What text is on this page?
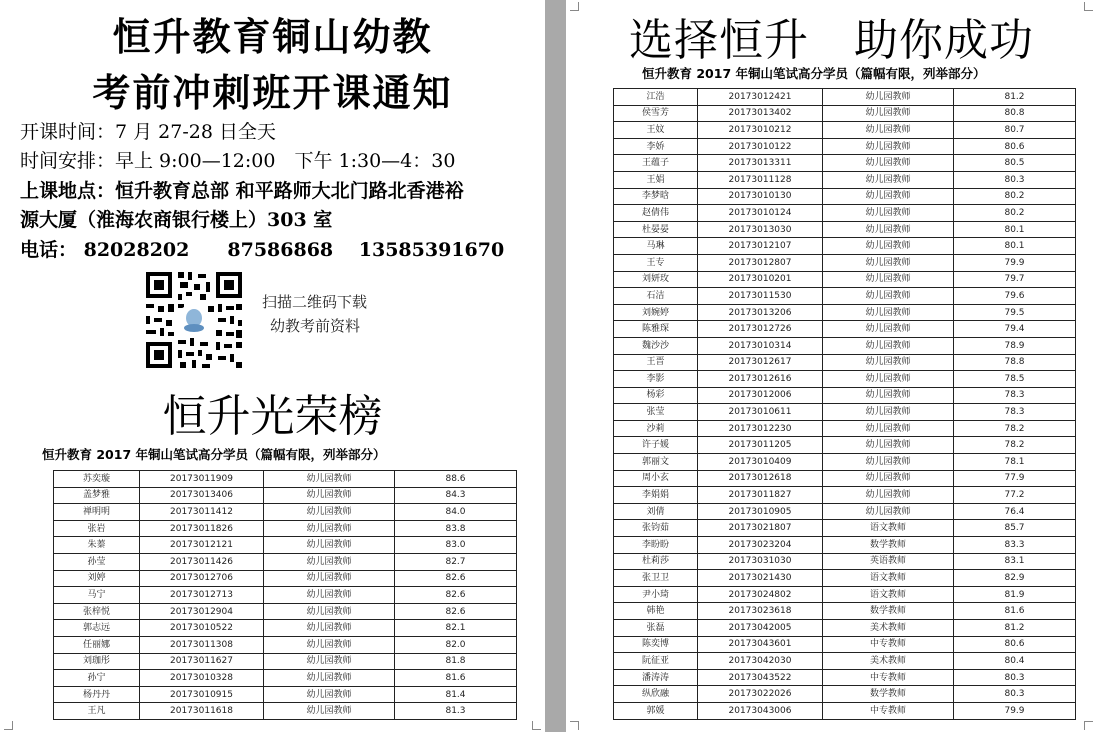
恒升教育铜山幼教
考前冲刺班开课通知
开课时间：7 月 27-28 日全天
时间安排：早上 9:00—12:00　下午 1:30—4：30
上课地点：恒升教育总部 和平路师大北门路北香港裕
源大厦（淮海农商银行楼上）303 室
电话： 82028202　　87586868　 13585391670
扫描二维码下载
幼教考前资料
恒升光荣榜
恒升教育 2017 年铜山笔试高分学员（篇幅有限，列举部分）
苏奕璇	20173011909	幼儿园教师	88.6
盖梦雅	20173013406	幼儿园教师	84.3
禅明明	20173011412	幼儿园教师	84.0
张岩	20173011826	幼儿园教师	83.8
朱蓁	20173012121	幼儿园教师	83.0
孙莹	20173011426	幼儿园教师	82.7
刘婷	20173012706	幼儿园教师	82.6
马宁	20173012713	幼儿园教师	82.6
张梓悦	20173012904	幼儿园教师	82.6
郭志远	20173010522	幼儿园教师	82.1
任丽娜	20173011308	幼儿园教师	82.0
刘珈彤	20173011627	幼儿园教师	81.8
孙宁	20173010328	幼儿园教师	81.6
杨丹丹	20173010915	幼儿园教师	81.4
王凡	20173011618	幼儿园教师	81.3
选择恒升　助你成功
恒升教育 2017 年铜山笔试高分学员（篇幅有限，列举部分）
江浩	20173012421	幼儿园教师	81.2
侯雪芳	20173013402	幼儿园教师	80.8
王妏	20173010212	幼儿园教师	80.7
李娇	20173010122	幼儿园教师	80.6
王蕴子	20173013311	幼儿园教师	80.5
王娟	20173011128	幼儿园教师	80.3
李梦晗	20173010130	幼儿园教师	80.2
赵倩伟	20173010124	幼儿园教师	80.2
杜晏晏	20173013030	幼儿园教师	80.1
马琳	20173012107	幼儿园教师	80.1
王专	20173012807	幼儿园教师	79.9
刘妍玫	20173010201	幼儿园教师	79.7
石洁	20173011530	幼儿园教师	79.6
刘婉婷	20173013206	幼儿园教师	79.5
陈雅琛	20173012726	幼儿园教师	79.4
魏沙沙	20173010314	幼儿园教师	78.9
王晋	20173012617	幼儿园教师	78.8
李影	20173012616	幼儿园教师	78.5
杨彩	20173012006	幼儿园教师	78.3
张莹	20173010611	幼儿园教师	78.3
沙莉	20173012230	幼儿园教师	78.2
许子媛	20173011205	幼儿园教师	78.2
郭丽文	20173010409	幼儿园教师	78.1
周小玄	20173012618	幼儿园教师	77.9
李娟娟	20173011827	幼儿园教师	77.2
刘倩	20173010905	幼儿园教师	76.4
张钧茹	20173021807	语文教师	85.7
李盼盼	20173023204	数学教师	83.3
杜莉莎	20173031030	英语教师	83.1
张卫卫	20173021430	语文教师	82.9
尹小琦	20173024802	语文教师	81.9
韩艳	20173023618	数学教师	81.6
张磊	20173042005	美术教师	81.2
陈奕博	20173043601	中专教师	80.6
阮征亚	20173042030	美术教师	80.4
潘涛涛	20173043522	中专教师	80.3
纵欣融	20173022026	数学教师	80.3
郭媛	20173043006	中专教师	79.9
